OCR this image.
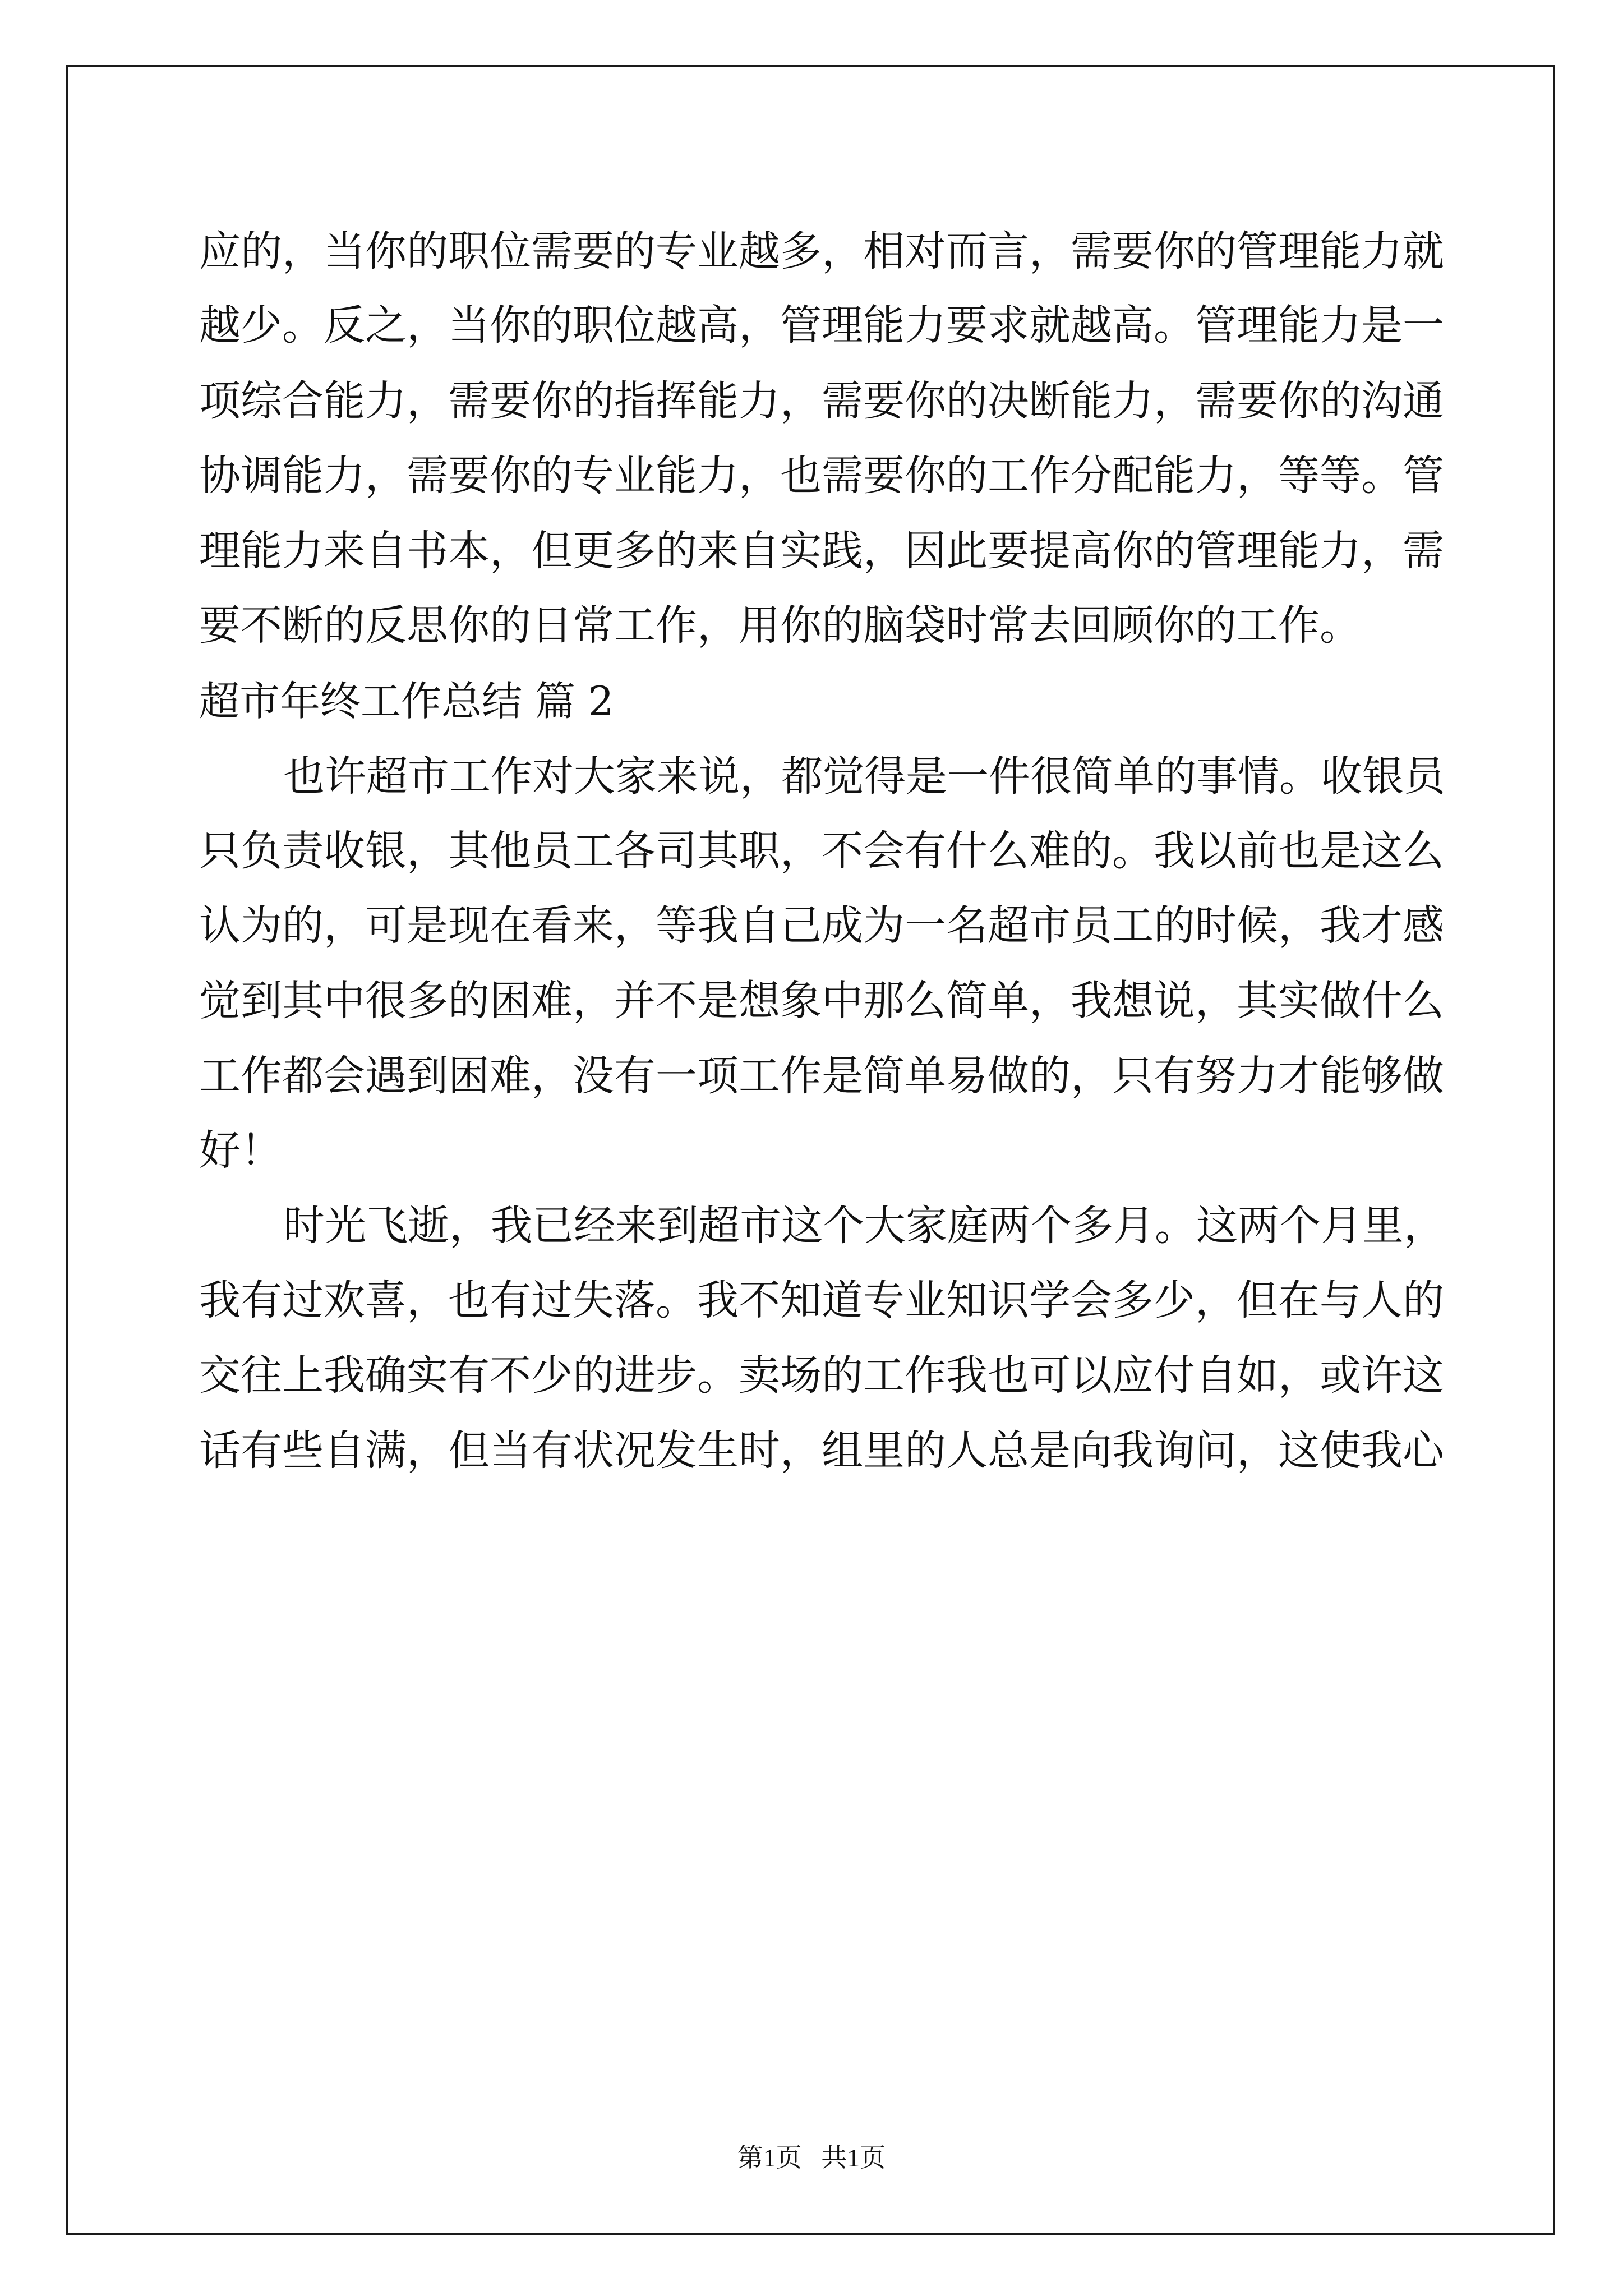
应的，当你的职位需要的专业越多，相对而言，需要你的管理能力就

越少。反之，当你的职位越高，管理能力要求就越高。管理能力是一

项综合能力，需要你的指挥能力，需要你的决断能力，需要你的沟通

协调能力，需要你的专业能力，也需要你的工作分配能力，等等。管

理能力来自书本，但更多的来自实践，因此要提高你的管理能力，需

要不断的反思你的日常工作，用你的脑袋时常去回顾你的工作。

超市年终工作总结 篇 2

也许超市工作对大家来说，都觉得是一件很简单的事情。收银员

只负责收银，其他员工各司其职，不会有什么难的。我以前也是这么

认为的，可是现在看来，等我自己成为一名超市员工的时候，我才感

觉到其中很多的困难，并不是想象中那么简单，我想说，其实做什么

工作都会遇到困难，没有一项工作是简单易做的，只有努力才能够做

好！

时光飞逝，我已经来到超市这个大家庭两个多月。这两个月里，

我有过欢喜，也有过失落。我不知道专业知识学会多少，但在与人的

交往上我确实有不少的进步。卖场的工作我也可以应付自如，或许这

话有些自满，但当有状况发生时，组里的人总是向我询问，这使我心

第1页   共1页
